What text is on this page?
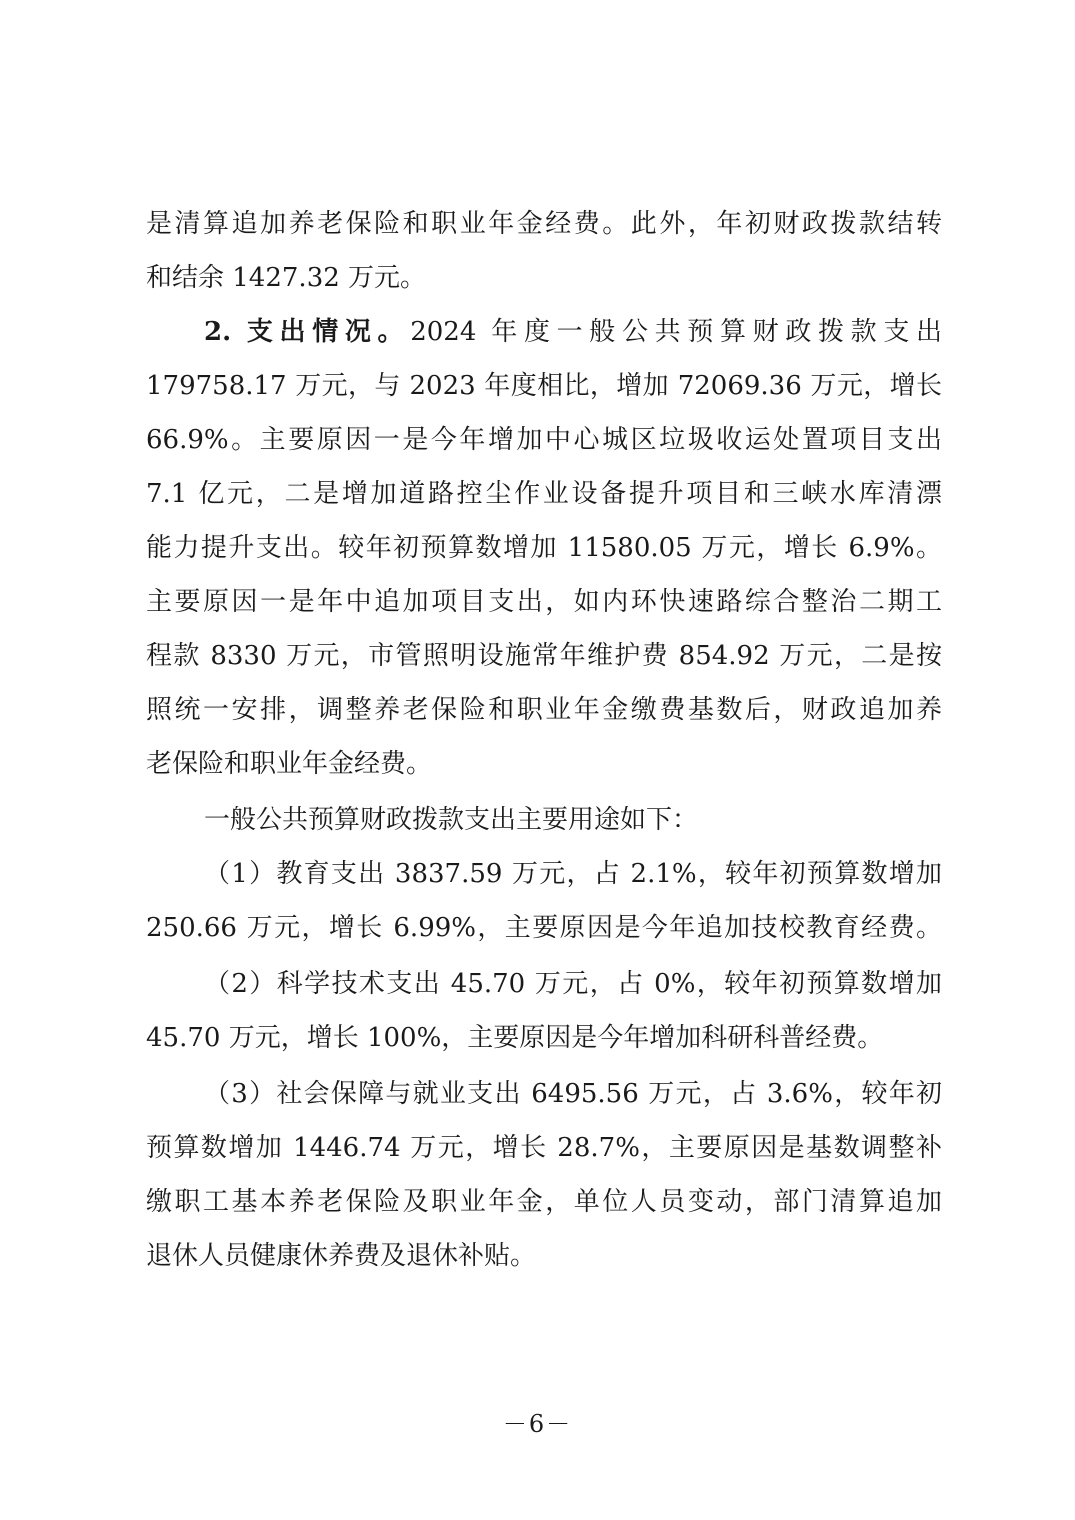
是清算追加养老保险和职业年金经费。此外，年初财政拨款结转
和结余 1427.32 万元。
2. 支出情况。2024 年度一般公共预算财政拨款支出
179758.17 万元，与 2023 年度相比，增加 72069.36 万元，增长
66.9%。主要原因一是今年增加中心城区垃圾收运处置项目支出
7.1 亿元，二是增加道路控尘作业设备提升项目和三峡水库清漂
能力提升支出。较年初预算数增加 11580.05 万元，增长 6.9%。
主要原因一是年中追加项目支出，如内环快速路综合整治二期工
程款 8330 万元，市管照明设施常年维护费 854.92 万元，二是按
照统一安排，调整养老保险和职业年金缴费基数后，财政追加养
老保险和职业年金经费。
一般公共预算财政拨款支出主要用途如下：
（1）教育支出 3837.59 万元，占 2.1%，较年初预算数增加
250.66 万元，增长 6.99%，主要原因是今年追加技校教育经费。
（2）科学技术支出 45.70 万元，占 0%，较年初预算数增加
45.70 万元，增长 100%，主要原因是今年增加科研科普经费。
（3）社会保障与就业支出 6495.56 万元，占 3.6%，较年初
预算数增加 1446.74 万元，增长 28.7%，主要原因是基数调整补
缴职工基本养老保险及职业年金，单位人员变动，部门清算追加
退休人员健康休养费及退休补贴。
－6－
